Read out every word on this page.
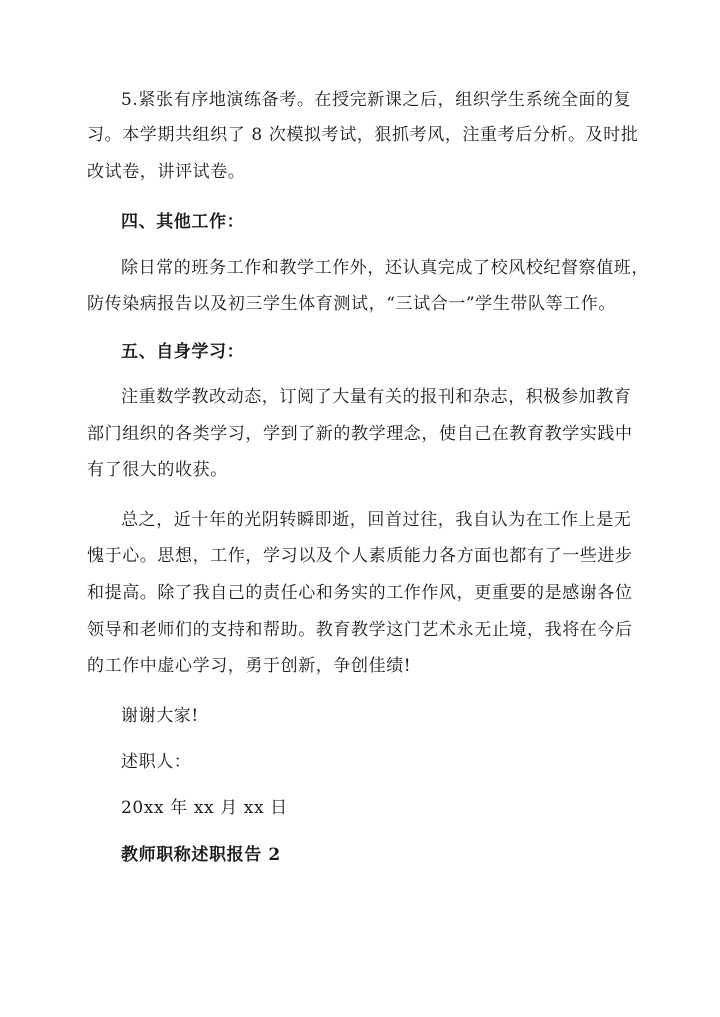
5.紧张有序地演练备考。在授完新课之后，组织学生系统全面的复
习。本学期共组织了 8 次模拟考试，狠抓考风，注重考后分析。及时批
改试卷，讲评试卷。
四、其他工作：
除日常的班务工作和教学工作外，还认真完成了校风校纪督察值班，
防传染病报告以及初三学生体育测试，“三试合一”学生带队等工作。
五、自身学习：
注重数学教改动态，订阅了大量有关的报刊和杂志，积极参加教育
部门组织的各类学习，学到了新的教学理念，使自己在教育教学实践中
有了很大的收获。
总之，近十年的光阴转瞬即逝，回首过往，我自认为在工作上是无
愧于心。思想，工作，学习以及个人素质能力各方面也都有了一些进步
和提高。除了我自己的责任心和务实的工作作风，更重要的是感谢各位
领导和老师们的支持和帮助。教育教学这门艺术永无止境，我将在今后
的工作中虚心学习，勇于创新，争创佳绩!
谢谢大家!
述职人：
20xx 年 xx 月 xx 日
教师职称述职报告 2
